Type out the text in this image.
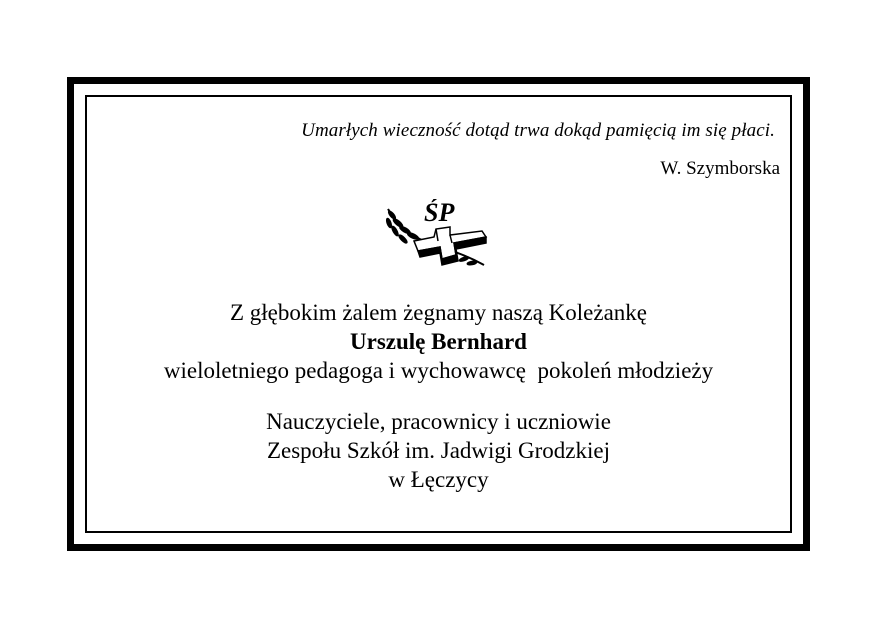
Umarłych wieczność dotąd trwa dokąd pamięcią im się płaci.
W. Szymborska
ŚP
Z głębokim żalem żegnamy naszą Koleżankę
Urszulę Bernhard
wieloletniego pedagoga i wychowawcę  pokoleń młodzieży
Nauczyciele, pracownicy i uczniowie
Zespołu Szkół im. Jadwigi Grodzkiej
w Łęczycy
